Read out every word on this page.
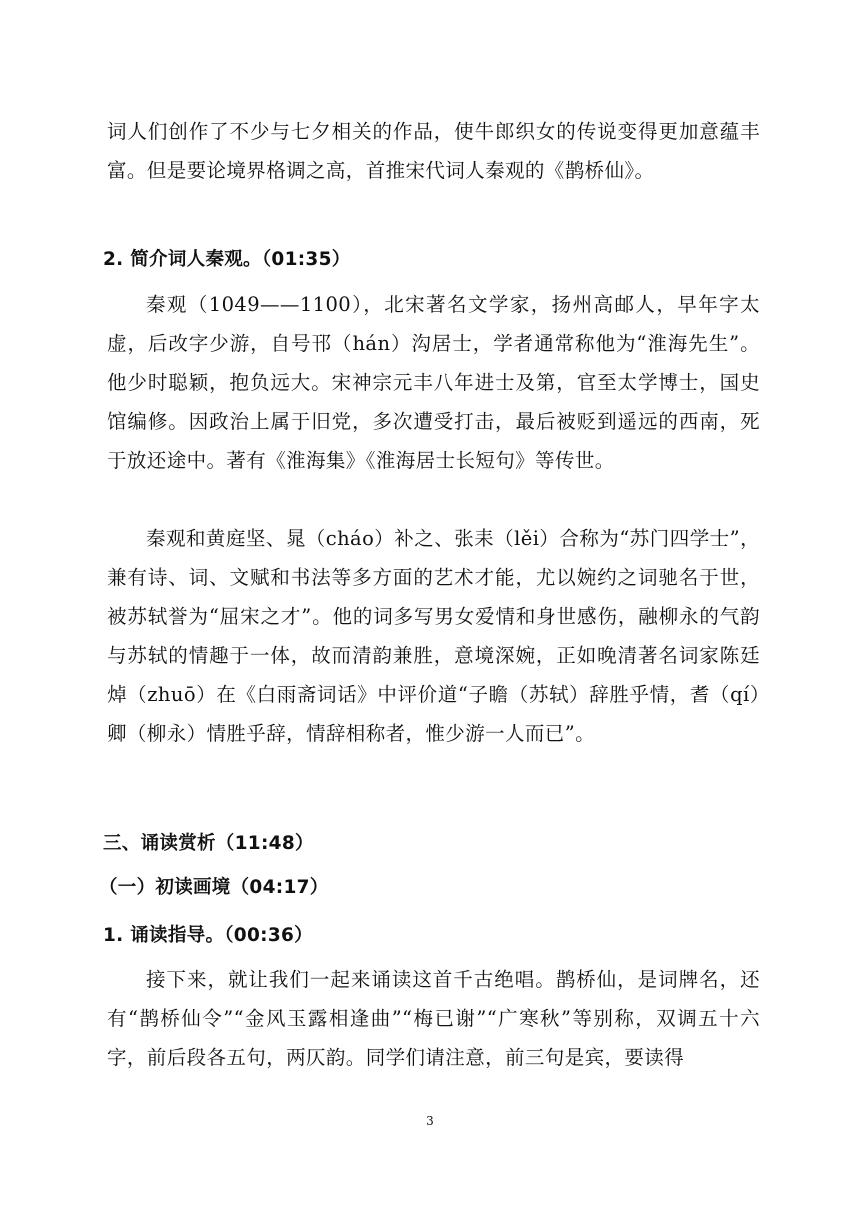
词人们创作了不少与七夕相关的作品，使牛郎织女的传说变得更加意蕴丰富。但是要论境界格调之高，首推宋代词人秦观的《鹊桥仙》。

2. 简介词人秦观。（01:35）

秦观（1049——1100），北宋著名文学家，扬州高邮人，早年字太虚，后改字少游，自号邗（hán）沟居士，学者通常称他为“淮海先生”。他少时聪颖，抱负远大。宋神宗元丰八年进士及第，官至太学博士，国史馆编修。因政治上属于旧党，多次遭受打击，最后被贬到遥远的西南，死于放还途中。著有《淮海集》《淮海居士长短句》等传世。

秦观和黄庭坚、晁（cháo）补之、张耒（lěi）合称为“苏门四学士”，兼有诗、词、文赋和书法等多方面的艺术才能，尤以婉约之词驰名于世，被苏轼誉为“屈宋之才”。他的词多写男女爱情和身世感伤，融柳永的气韵与苏轼的情趣于一体，故而清韵兼胜，意境深婉，正如晚清著名词家陈廷焯（zhuō）在《白雨斋词话》中评价道“子瞻（苏轼）辞胜乎情，耆（qí）卿（柳永）情胜乎辞，情辞相称者，惟少游一人而已”。

三、诵读赏析（11:48）
（一）初读画境（04:17）
1. 诵读指导。（00:36）

接下来，就让我们一起来诵读这首千古绝唱。鹊桥仙，是词牌名，还有“鹊桥仙令”“金风玉露相逢曲”“梅已谢”“广寒秋”等别称，双调五十六字，前后段各五句，两仄韵。同学们请注意，前三句是宾，要读得

3
